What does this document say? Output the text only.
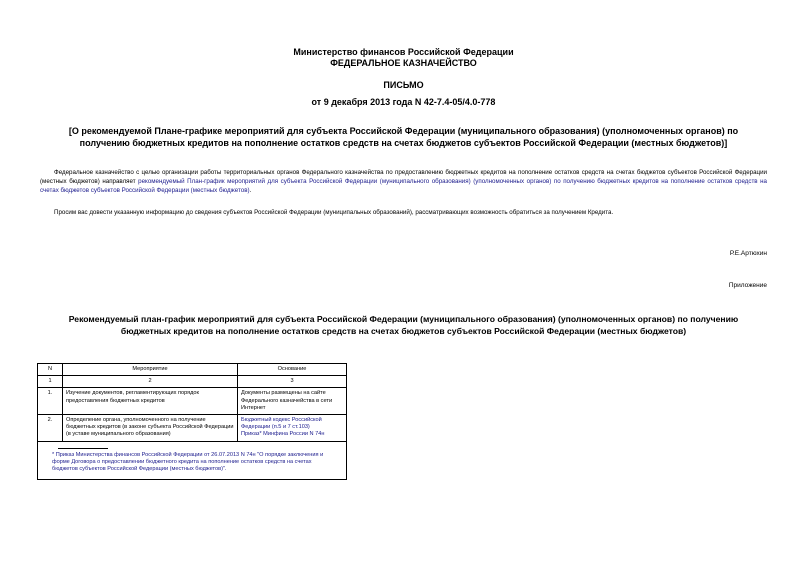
Министерство финансов Российской Федерации
ФЕДЕРАЛЬНОЕ КАЗНАЧЕЙСТВО
ПИСЬМО
от 9 декабря 2013 года N 42-7.4-05/4.0-778
[О рекомендуемой Плане-графике мероприятий для субъекта Российской Федерации (муниципального образования) (уполномоченных органов) по получению бюджетных кредитов на пополнение остатков средств на счетах бюджетов субъектов Российской Федерации (местных бюджетов)]
Федеральное казначейство с целью организации работы территориальных органов Федерального казначейства по предоставлению бюджетных кредитов на пополнение остатков средств на счетах бюджетов субъектов Российской Федерации (местных бюджетов) направляет рекомендуемый План-график мероприятий для субъекта Российской Федерации (муниципального образования) (уполномоченных органов) по получению бюджетных кредитов на пополнение остатков средств на счетах бюджетов субъектов Российской Федерации (местных бюджетов).
Просим вас довести указанную информацию до сведения субъектов Российской Федерации (муниципальных образований), рассматривающих возможность обратиться за получением Кредита.
Р.Е.Артюхин
Приложение
Рекомендуемый план-график мероприятий для субъекта Российской Федерации (муниципального образования) (уполномоченных органов) по получению бюджетных кредитов на пополнение остатков средств на счетах бюджетов субъектов Российской Федерации (местных бюджетов)
N	Мероприятие	Основание
1	2	3
1.	Изучение документов, регламентирующих порядок предоставления бюджетных кредитов	Документы размещены на сайте Федерального казначейства в сети Интернет
2.	Определение органа, уполномоченного на получение бюджетных кредитов (в законе субъекта Российской Федерации (в уставе муниципального образования)	Бюджетный кодекс Российской Федерации (п.5 и 7 ст.103)
Приказ* Минфина России N 74н

* Приказ Министерства финансов Российской Федерации от 26.07.2013 N 74н "О порядке заключения и форме Договора о предоставлении бюджетного кредита на пополнение остатков средств на счетах бюджетов субъектов Российской Федерации (местных бюджетов)".		
